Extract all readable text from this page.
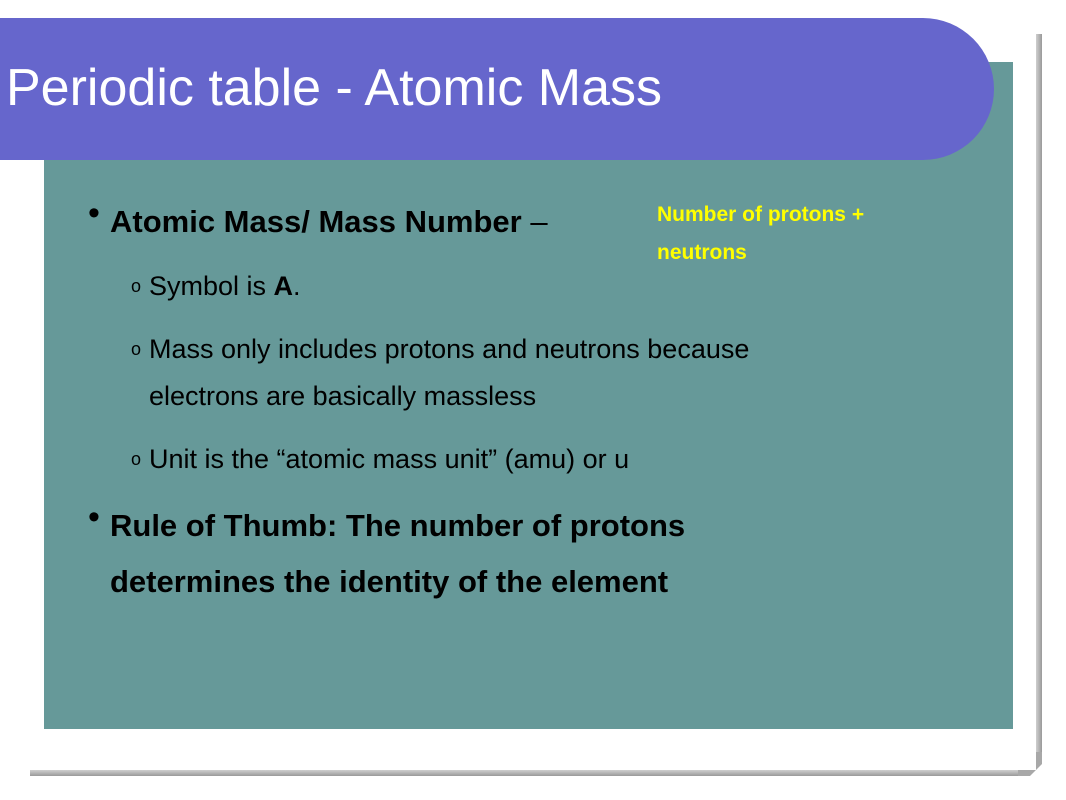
Periodic table - Atomic Mass
• Atomic Mass/ Mass Number –	Number of protons + neutrons
o Symbol is A.
o Mass only includes protons and neutrons because
electrons are basically massless
o Unit is the “atomic mass unit” (amu) or u
• Rule of Thumb: The number of protons
determines the identity of the element
